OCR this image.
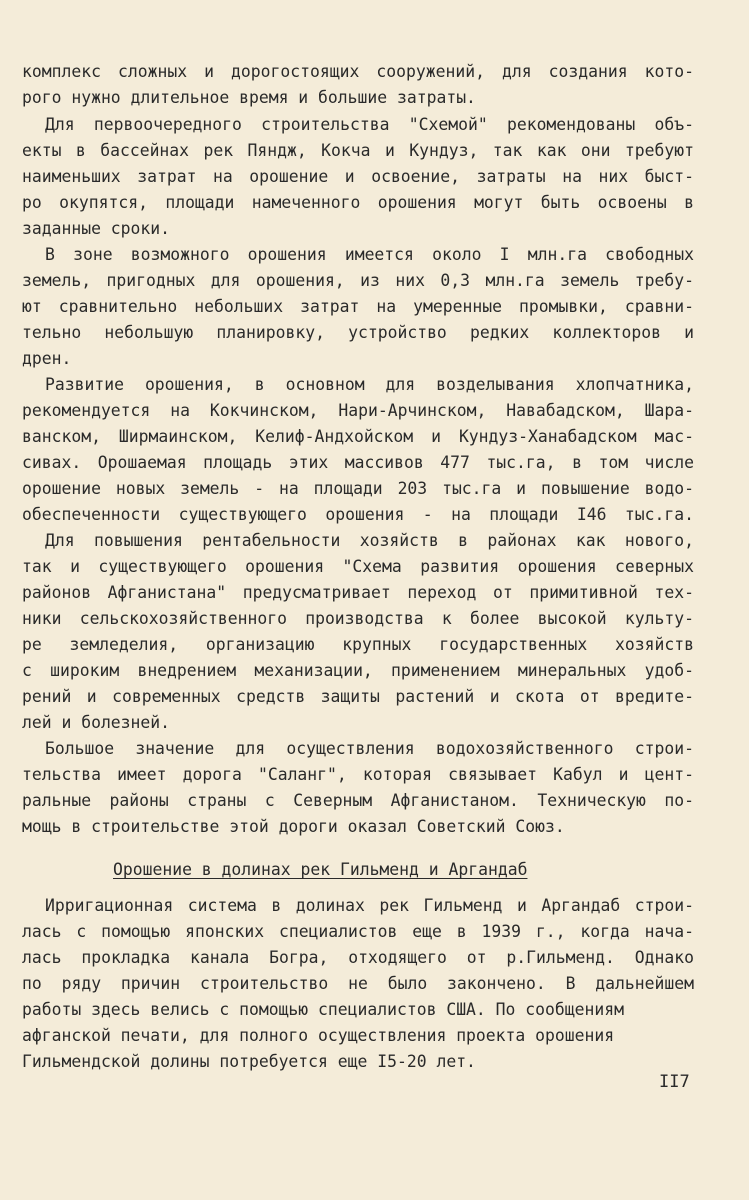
комплекс сложных и дорогостоящих сооружений, для создания кото-
рого нужно длительное время и большие затраты.
Для первоочередного строительства "Схемой" рекомендованы объ-
екты в бассейнах рек Пяндж, Кокча и Кундуз, так как они требуют
наименьших затрат на орошение и освоение, затраты на них быст-
ро окупятся, площади намеченного орошения могут быть освоены в
заданные сроки.
В зоне возможного орошения имеется около I млн.га свободных
земель, пригодных для орошения, из них 0,3 млн.га земель требу-
ют сравнительно небольших затрат на умеренные промывки, сравни-
тельно небольшую планировку, устройство редких коллекторов и
дрен.
Развитие орошения, в основном для возделывания хлопчатника,
рекомендуется на Кокчинском, Нари-Арчинском, Навабадском, Шара-
ванском, Ширмаинском, Келиф-Андхойском и Кундуз-Ханабадском мас-
сивах. Орошаемая площадь этих массивов 477 тыс.га, в том числе
орошение новых земель - на площади 203 тыс.га и повышение водо-
обеспеченности существующего орошения - на площади I46 тыс.га.
Для повышения рентабельности хозяйств в районах как нового,
так и существующего орошения "Схема развития орошения северных
районов Афганистана" предусматривает переход от примитивной тех-
ники сельскохозяйственного производства к более высокой культу-
ре земледелия, организацию крупных государственных хозяйств
с широким внедрением механизации, применением минеральных удоб-
рений и современных средств защиты растений и скота от вредите-
лей и болезней.
Большое значение для осуществления водохозяйственного строи-
тельства имеет дорога "Саланг", которая связывает Кабул и цент-
ральные районы страны с Северным Афганистаном. Техническую по-
мощь в строительстве этой дороги оказал Советский Союз.
Орошение в долинах рек Гильменд и Аргандаб
Ирригационная система в долинах рек Гильменд и Аргандаб строи-
лась с помощью японских специалистов еще в 1939 г., когда нача-
лась прокладка канала Богра, отходящего от р.Гильменд. Однако
по ряду причин строительство не было закончено. В дальнейшем
работы здесь велись с помощью специалистов США. По сообщениям
афганской печати, для полного осуществления проекта орошения
Гильмендской долины потребуется еще I5-20 лет.
II7
